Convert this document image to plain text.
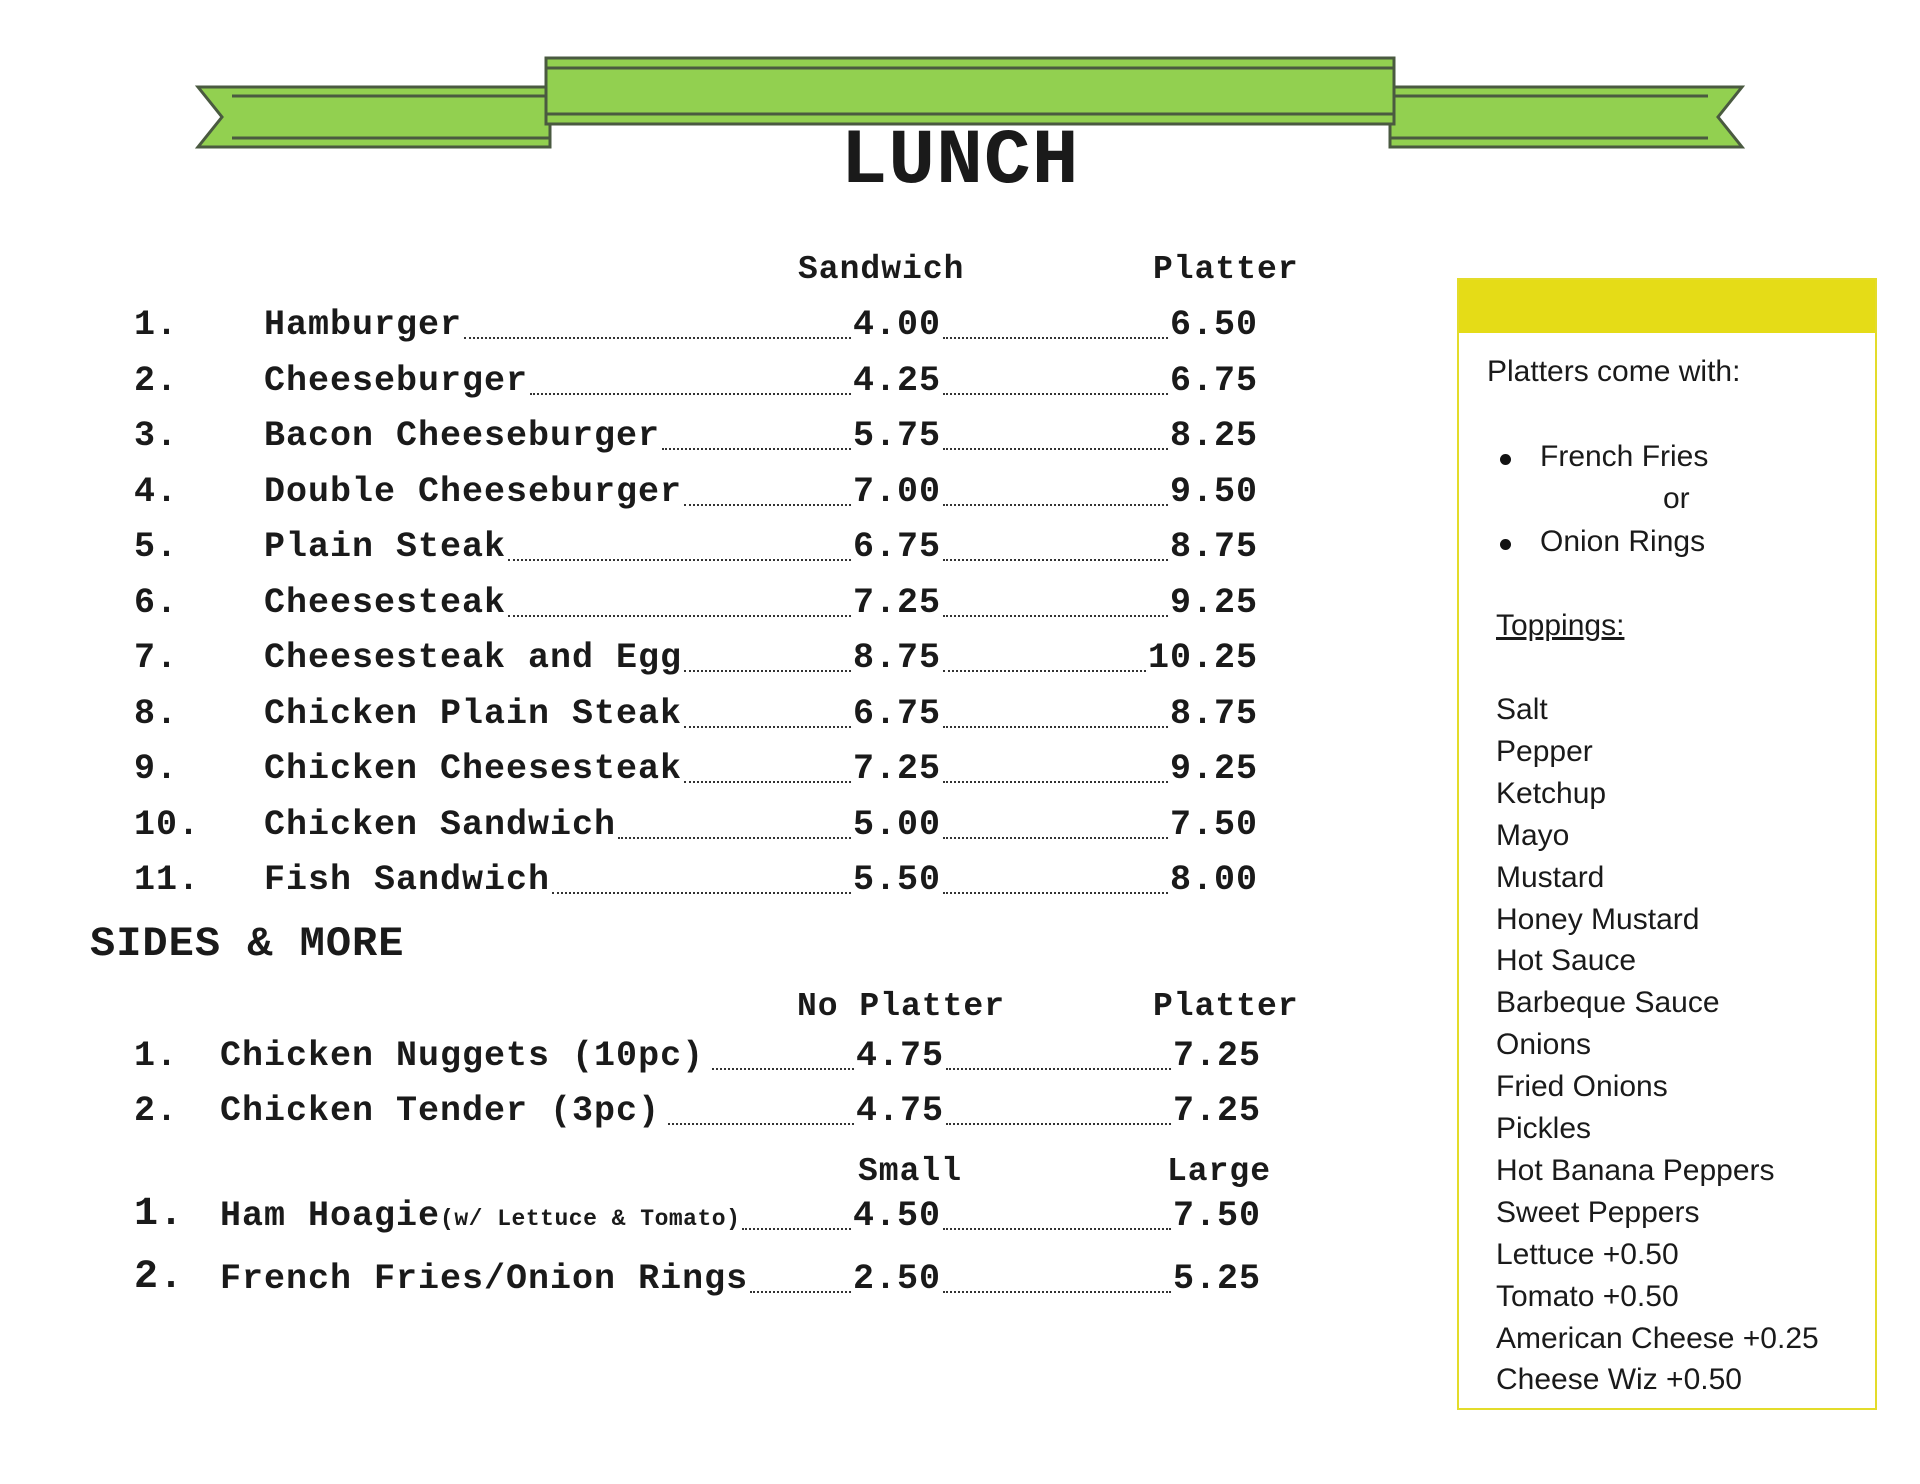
LUNCH
Sandwich	Platter
1. Hamburger	4.00	6.50
2. Cheeseburger	4.25	6.75
3. Bacon Cheeseburger	5.75	8.25
4. Double Cheeseburger	7.00	9.50
5. Plain Steak	6.75	8.75
6. Cheesesteak	7.25	9.25
7. Cheesesteak and Egg	8.75	10.25
8. Chicken Plain Steak	6.75	8.75
9. Chicken Cheesesteak	7.25	9.25
10. Chicken Sandwich	5.00	7.50
11. Fish Sandwich	5.50	8.00
SIDES & MORE
No Platter	Platter
1. Chicken Nuggets (10pc)	4.75	7.25
2. Chicken Tender (3pc)	4.75	7.25
Small	Large
1. Ham Hoagie(w/ Lettuce & Tomato)	4.50	7.50
2. French Fries/Onion Rings	2.50	5.25
Platters come with:
French Fries
or
Onion Rings
Toppings:
Salt
Pepper
Ketchup
Mayo
Mustard
Honey Mustard
Hot Sauce
Barbeque Sauce
Onions
Fried Onions
Pickles
Hot Banana Peppers
Sweet Peppers
Lettuce +0.50
Tomato +0.50
American Cheese +0.25
Cheese Wiz +0.50
